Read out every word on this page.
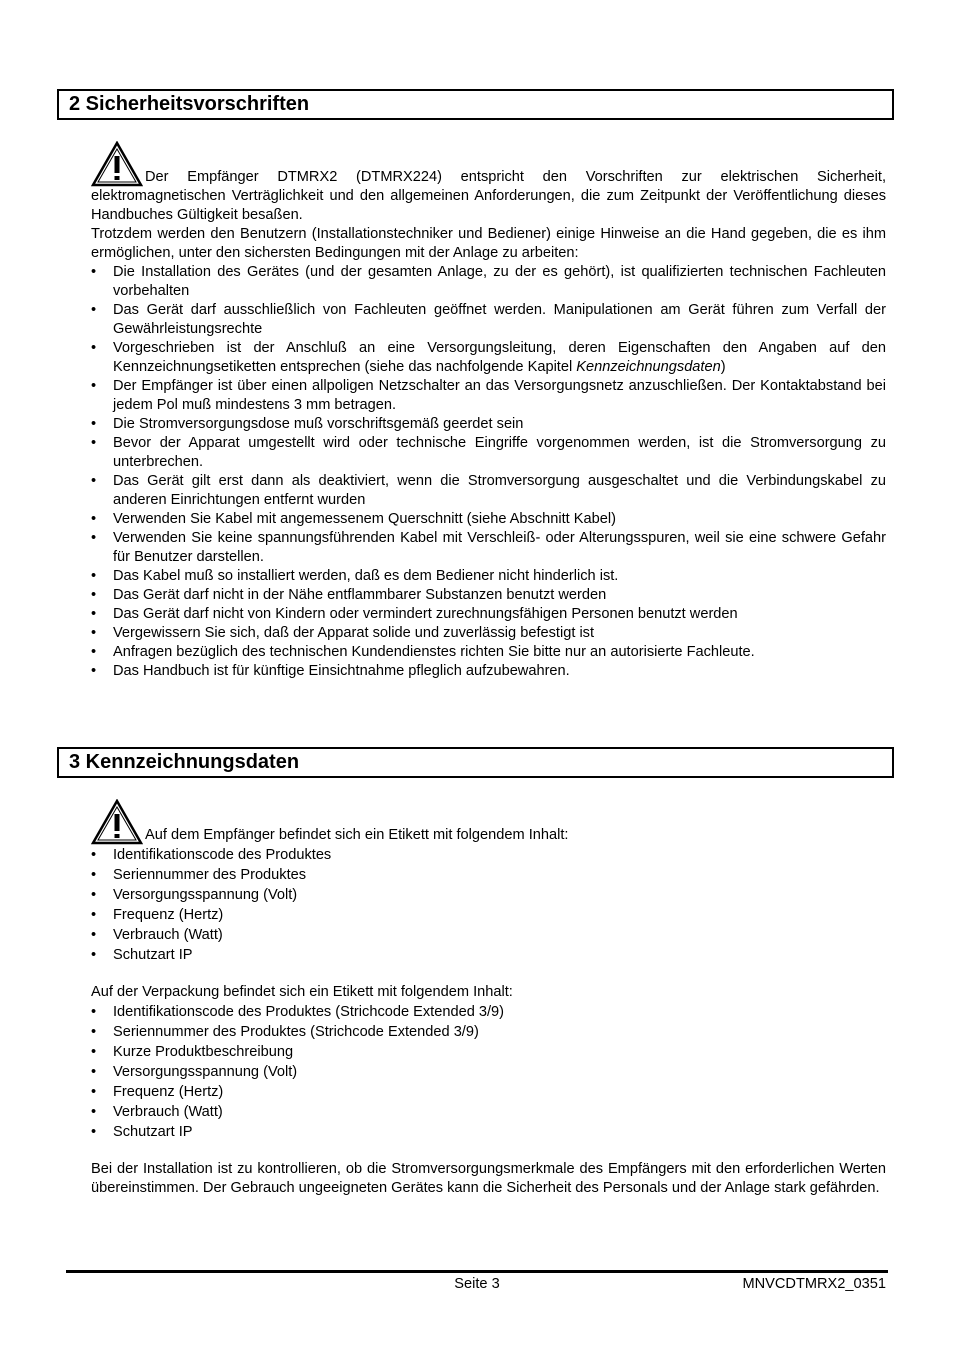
2 Sicherheitsvorschriften

Der Empfänger DTMRX2 (DTMRX224) entspricht den Vorschriften zur elektrischen Sicherheit, elektromagnetischen Verträglichkeit und den allgemeinen Anforderungen, die zum Zeitpunkt der Veröffentlichung dieses Handbuches Gültigkeit besaßen.

Trotzdem werden den Benutzern (Installationstechniker und Bediener) einige Hinweise an die Hand gegeben, die es ihm ermöglichen, unter den sichersten Bedingungen mit der Anlage zu arbeiten:

• Die Installation des Gerätes (und der gesamten Anlage, zu der es gehört), ist qualifizierten technischen Fachleuten vorbehalten
• Das Gerät darf ausschließlich von Fachleuten geöffnet werden. Manipulationen am Gerät führen zum Verfall der Gewährleistungsrechte
• Vorgeschrieben ist der Anschluß an eine Versorgungsleitung, deren Eigenschaften den Angaben auf den Kennzeichnungsetiketten entsprechen (siehe das nachfolgende Kapitel Kennzeichnungsdaten)
• Der Empfänger ist über einen allpoligen Netzschalter an das Versorgungsnetz anzuschließen. Der Kontaktabstand bei jedem Pol muß mindestens 3 mm betragen.
• Die Stromversorgungsdose muß vorschriftsgemäß geerdet sein
• Bevor der Apparat umgestellt wird oder technische Eingriffe vorgenommen werden, ist die Stromversorgung zu unterbrechen.
• Das Gerät gilt erst dann als deaktiviert, wenn die Stromversorgung ausgeschaltet und die Verbindungskabel zu anderen Einrichtungen entfernt wurden
• Verwenden Sie Kabel mit angemessenem Querschnitt (siehe Abschnitt Kabel)
• Verwenden Sie keine spannungsführenden Kabel mit Verschleiß- oder Alterungsspuren, weil sie eine schwere Gefahr für Benutzer darstellen.
• Das Kabel muß so installiert werden, daß es dem Bediener nicht hinderlich ist.
• Das Gerät darf nicht in der Nähe entflammbarer Substanzen benutzt werden
• Das Gerät darf nicht von Kindern oder vermindert zurechnungsfähigen Personen benutzt werden
• Vergewissern Sie sich, daß der Apparat solide und zuverlässig befestigt ist
• Anfragen bezüglich des technischen Kundendienstes richten Sie bitte nur an autorisierte Fachleute.
• Das Handbuch ist für künftige Einsichtnahme pfleglich aufzubewahren.
3 Kennzeichnungsdaten

Auf dem Empfänger befindet sich ein Etikett mit folgendem Inhalt:

• Identifikationscode des Produktes
• Seriennummer des Produktes
• Versorgungsspannung (Volt)
• Frequenz (Hertz)
• Verbrauch (Watt)
• Schutzart IP

Auf der Verpackung befindet sich ein Etikett mit folgendem Inhalt:

• Identifikationscode des Produktes (Strichcode Extended 3/9)
• Seriennummer des Produktes (Strichcode Extended 3/9)
• Kurze Produktbeschreibung
• Versorgungsspannung (Volt)
• Frequenz (Hertz)
• Verbrauch (Watt)
• Schutzart IP

Bei der Installation ist zu kontrollieren, ob die Stromversorgungsmerkmale des Empfängers mit den erforderlichen Werten übereinstimmen. Der Gebrauch ungeeigneten Gerätes kann die Sicherheit des Personals und der Anlage stark gefährden.

Seite 3	MNVCDTMRX2_0351
